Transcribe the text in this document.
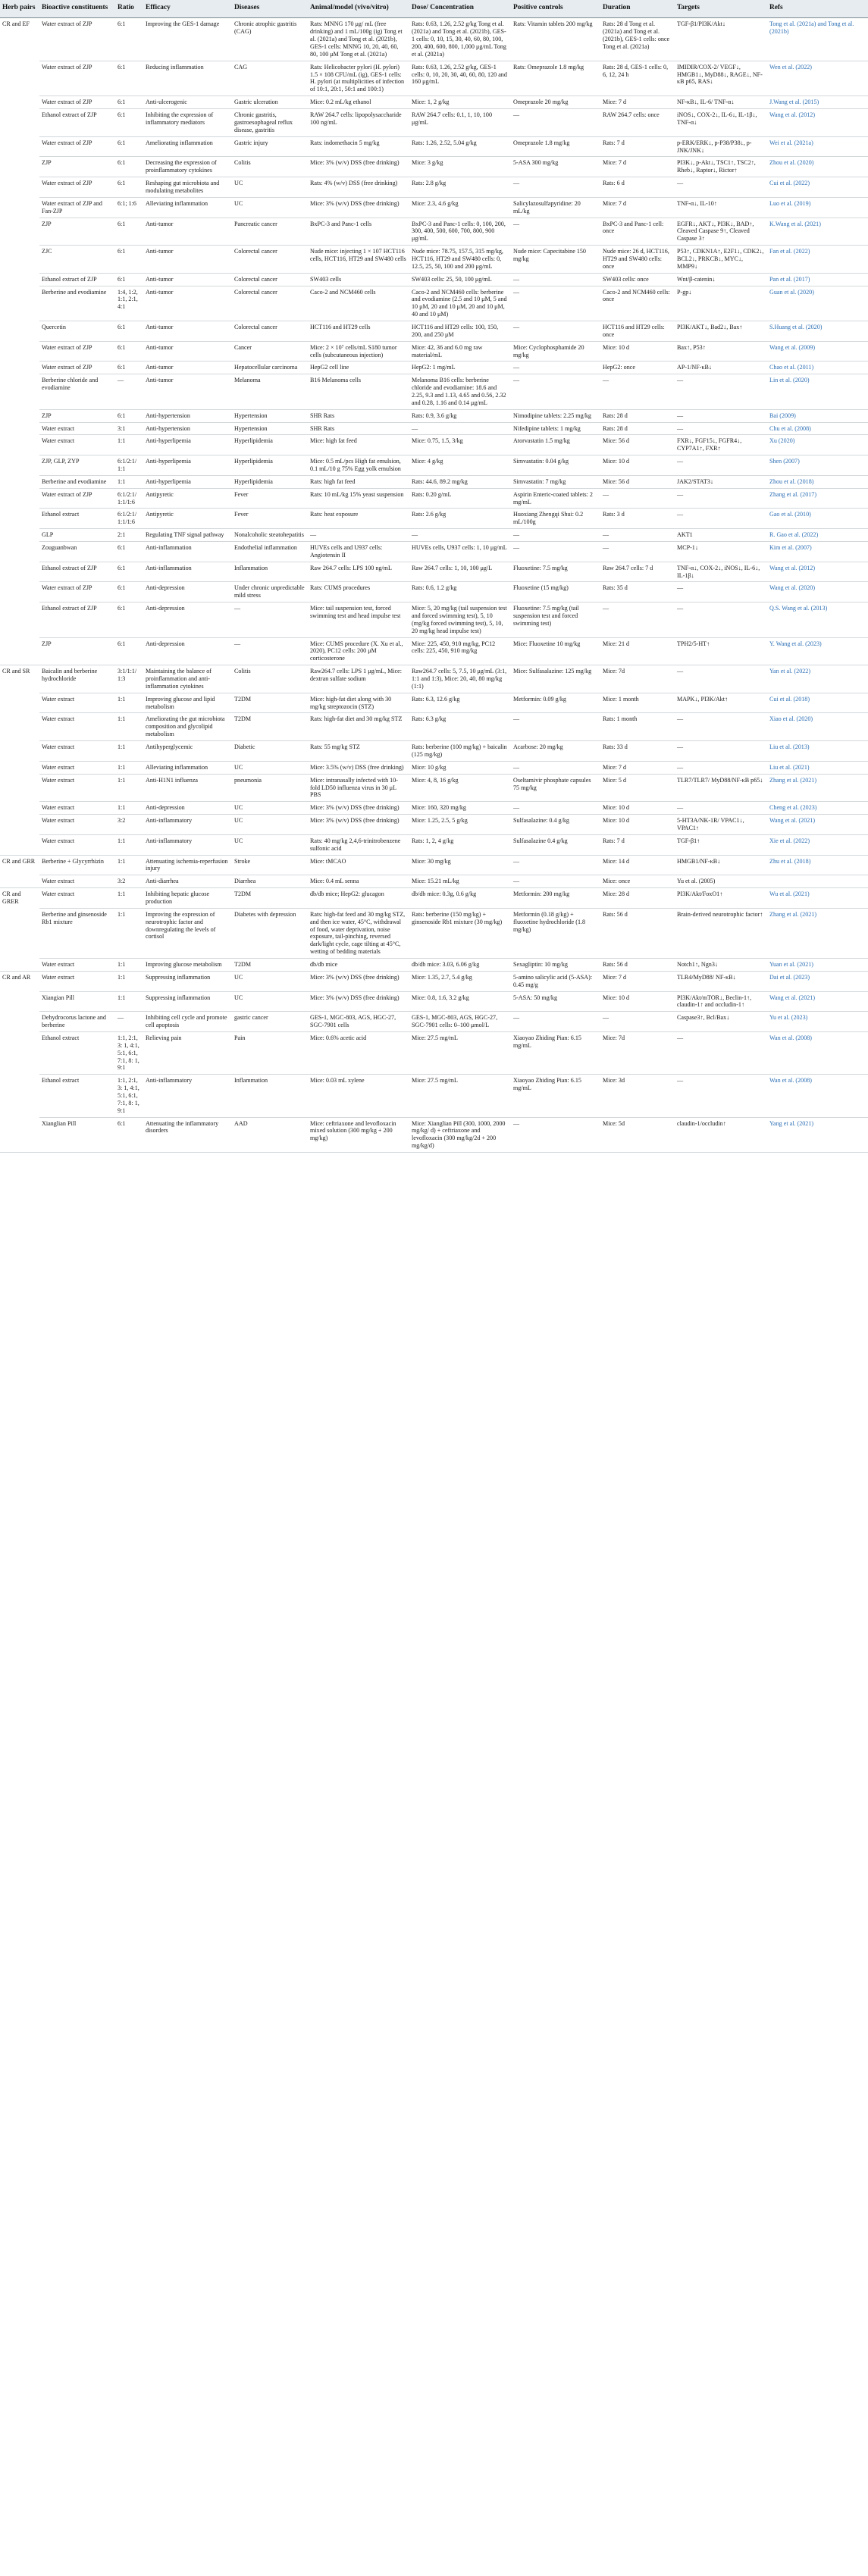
Herb pairs	Bioactive constituents	Ratio	Efficacy	Diseases	Animal/model (vivo/vitro)	Dose/ Concentration	Positive controls	Duration	Targets	Refs
CR and EF	Water extract of ZJP	6:1	Improving the GES-1 damage	Chronic atrophic gastritis (CAG)	Rats: MNNG 170 μg/ mL (free drinking) and 1 mL/100g (ig) Tong et al. (2021a) and Tong et al. (2021b), GES-1 cells: MNNG 10, 20, 40, 60, 80, 100 μM Tong et al. (2021a)	Rats: 0.63, 1.26, 2.52 g/kg Tong et al. (2021a) and Tong et al. (2021b), GES-1 cells: 0, 10, 15, 30, 40, 60, 80, 100, 200, 400, 600, 800, 1,000 μg/mL Tong et al. (2021a)	Rats: Vitamin tablets 200 mg/kg	Rats: 28 d Tong et al. (2021a) and Tong et al. (2021b), GES-1 cells: once Tong et al. (2021a)	TGF-β1/PI3K/Akt↓	Tong et al. (2021a) and Tong et al. (2021b)
	Water extract of ZJP	6:1	Reducing inflammation	CAG	Rats: Helicobacter pylori (H. pylori) 1.5 × 108 CFU/mL (ig), GES-1 cells: H. pylori (at multiplicities of infection of 10:1, 20:1, 50:1 and 100:1)	Rats: 0.63, 1.26, 2.52 g/kg, GES-1 cells: 0, 10, 20, 30, 40, 60, 80, 120 and 160 μg/mL	Rats: Omeprazole 1.8 mg/kg	Rats: 28 d, GES-1 cells: 0, 6, 12, 24 h	IMIDIR/COX-2/ VEGF↓, HMGB1↓, MyD88↓, RAGE↓, NF-κB p65, RAS↓	Wen et al. (2022)
	Water extract of ZJP	6:1	Anti-ulcerogenic	Gastric ulceration	Mice: 0.2 mL/kg ethanol	Mice: 1, 2 g/kg	Omeprazole 20 mg/kg	Mice: 7 d	NF-κB↓, IL-6/ TNF-α↓	J.Wang et al. (2015)
	Ethanol extract of ZJP	6:1	Inhibiting the expression of inflammatory mediators	Chronic gastritis, gastroesophageal reflux disease, gastritis	RAW 264.7 cells: lipopolysaccharide 100 ng/mL	RAW 264.7 cells: 0.1, 1, 10, 100 μg/mL	—	RAW 264.7 cells: once	iNOS↓, COX-2↓, IL-6↓, IL-1β↓, TNF-α↓	Wang et al. (2012)
	Water extract of ZJP	6:1	Ameliorating inflammation	Gastric injury	Rats: indomethacin 5 mg/kg	Rats: 1.26, 2.52, 5.04 g/kg	Omeprazole 1.8 mg/kg	Rats: 7 d	p-ERK/ERK↓, p-P38/P38↓, p-JNK/JNK↓	Wei et al. (2021a)
	ZJP	6:1	Decreasing the expression of proinflammatory cytokines	Colitis	Mice: 3% (w/v) DSS (free drinking)	Mice: 3 g/kg	5-ASA 300 mg/kg	Mice: 7 d	PI3K↓, p-Akt↓, TSC1↑, TSC2↑, Rheb↓, Raptor↓, Rictor↑	Zhou et al. (2020)
	Water extract of ZJP	6:1	Reshaping gut microbiota and modulating metabolites	UC	Rats: 4% (w/v) DSS (free drinking)	Rats: 2.8 g/kg	—	Rats: 6 d	—	Cui et al. (2022)
	Water extract of ZJP and Fan-ZJP	6:1; 1:6	Alleviating inflammation	UC	Mice: 3% (w/v) DSS (free drinking)	Mice: 2.3, 4.6 g/kg	Salicylazosulfapyridine: 20 mL/kg	Mice: 7 d	TNF-α↓, IL-10↑	Luo et al. (2019)
	ZJP	6:1	Anti-tumor	Pancreatic cancer	BxPC-3 and Panc-1 cells	BxPC-3 and Panc-1 cells: 0, 100, 200, 300, 400, 500, 600, 700, 800, 900 μg/mL	—	BxPC-3 and Panc-1 cell: once	EGFR↓, AKT↓, PI3K↓, BAD↑, Cleaved Caspase 9↑, Cleaved Caspase 3↑	K.Wang et al. (2021)
	ZJC	6:1	Anti-tumor	Colorectal cancer	Nude mice: injecting 1 × 107 HCT116 cells, HCT116, HT29 and SW480 cells	Nude mice: 78.75, 157.5, 315 mg/kg, HCT116, HT29 and SW480 cells: 0, 12.5, 25, 50, 100 and 200 μg/mL	Nude mice: Capecitabine 150 mg/kg	Nude mice: 26 d, HCT116, HT29 and SW480 cells: once	P53↑, CDKN1A↑, E2F1↓, CDK2↓, BCL2↓, PRKCB↓, MYC↓, MMP9↓	Fan et al. (2022)
	Ethanol extract of ZJP	6:1	Anti-tumor	Colorectal cancer	SW403 cells	SW403 cells: 25, 50, 100 μg/mL	—	SW403 cells: once	Wnt/β-catenin↓	Pan et al. (2017)
	Berberine and evodiamine	1:4, 1:2, 1:1, 2:1, 4:1	Anti-tumor	Colorectal cancer	Caco-2 and NCM460 cells	Caco-2 and NCM460 cells: berberine and evodiamine (2.5 and 10 μM, 5 and 10 μM, 20 and 10 μM, 20 and 10 μM, 40 and 10 μM)	—	Caco-2 and NCM460 cells: once	P-gp↓	Guan et al. (2020)
	Quercetin	6:1	Anti-tumor	Colorectal cancer	HCT116 and HT29 cells	HCT116 and HT29 cells: 100, 150, 200, and 250 μM	—	HCT116 and HT29 cells: once	PI3K/AKT↓, Bad2↓, Bax↑	S.Huang et al. (2020)
	Water extract of ZJP	6:1	Anti-tumor	Cancer	Mice: 2 × 10⁷ cells/mL S180 tumor cells (subcutaneous injection)	Mice: 42, 36 and 6.0 mg raw material/mL	Mice: Cyclophosphamide 20 mg/kg	Mice: 10 d	Bax↑, P53↑	Wang et al. (2009)
	Water extract of ZJP	6:1	Anti-tumor	Hepatocellular carcinoma	HepG2 cell line	HepG2: 1 mg/mL	—	HepG2: once	AP-1/NF-κB↓	Chao et al. (2011)
	Berberine chloride and evodiamine	—	Anti-tumor	Melanoma	B16 Melanoma cells	Melanoma B16 cells: berberine chloride and evodiamine: 18.6 and 2.25, 9.3 and 1.13, 4.65 and 0.56, 2.32 and 0.28, 1.16 and 0.14 μg/mL	—	—	—	Lin et al. (2020)
	ZJP	6:1	Anti-hypertension	Hypertension	SHR Rats	Rats: 0.9, 3.6 g/kg	Nimodipine tablets: 2.25 mg/kg	Rats: 28 d	—	Bai (2009)
	Water extract	3:1	Anti-hypertension	Hypertension	SHR Rats	—	Nifedipine tablets: 1 mg/kg	Rats: 28 d	—	Chu et al. (2008)
	Water extract	1:1	Anti-hyperlipemia	Hyperlipidemia	Mice: high fat feed	Mice: 0.75, 1.5, 3/kg	Atorvastatin 1.5 mg/kg	Mice: 56 d	FXR↓, FGF15↓, FGFR4↓, CYP7A1↑, FXR↑	Xu (2020)
	ZJP, GLP, ZYP	6:1/2:1/ 1:1	Anti-hyperlipemia	Hyperlipidemia	Mice: 0.5 mL/pcs High fat emulsion, 0.1 mL/10 g 75% Egg yolk emulsion	Mice: 4 g/kg	Simvastatin: 0.04 g/kg	Mice: 10 d	—	Shen (2007)
	Berberine and evodiamine	1:1	Anti-hyperlipemia	Hyperlipidemia	Rats: high fat feed	Rats: 44.6, 89.2 mg/kg	Simvastatin: 7 mg/kg	Mice: 56 d	JAK2/STAT3↓	Zhou et al. (2018)
	Water extract of ZJP	6:1/2:1/ 1:1/1:6	Antipyretic	Fever	Rats: 10 mL/kg 15% yeast suspension	Rats: 0.20 g/mL	Aspirin Enteric-coated tablets: 2 mg/mL	—	—	Zhang et al. (2017)
	Ethanol extract	6:1/2:1/ 1:1/1:6	Antipyretic	Fever	Rats: heat exposure	Rats: 2.6 g/kg	Huoxiang Zhengqi Shui: 0.2 mL/100g	Rats: 3 d	—	Gao et al. (2010)
	GLP	2:1	Regulating TNF signal pathway	Nonalcoholic steatohepatitis	—	—	—	—	AKT1	R. Gao et al. (2022)
	Zouguanbwan	6:1	Anti-inflammation	Endothelial inflammation	HUVEs cells and U937 cells: Angiotensin II	HUVEs cells, U937 cells: 1, 10 μg/mL	—	—	MCP-1↓	Kim et al. (2007)
	Ethanol extract of ZJP	6:1	Anti-inflammation	Inflammation	Raw 264.7 cells: LPS 100 ng/mL	Raw 264.7 cells: 1, 10, 100 μg/L	Fluoxetine: 7.5 mg/kg	Raw 264.7 cells: 7 d	TNF-α↓, COX-2↓, iNOS↓, IL-6↓, IL-1β↓	Wang et al. (2012)
	Water extract of ZJP	6:1	Anti-depression	Under chronic unpredictable mild stress	Rats: CUMS procedures	Rats: 0.6, 1.2 g/kg	Fluoxetine (15 mg/kg)	Rats: 35 d	—	Wang et al. (2020)
	Ethanol extract of ZJP	6:1	Anti-depression	—	Mice: tail suspension test, forced swimming test and head impulse test	Mice: 5, 20 mg/kg (tail suspension test and forced swimming test), 5, 10 (mg/kg forced swimming test), 5, 10, 20 mg/kg head impulse test)	Fluoxetine: 7.5 mg/kg (tail suspension test and forced swimming test)	—	—	Q.S. Wang et al. (2013)
	ZJP	6:1	Anti-depression	—	Mice: CUMS procedure (X. Xu et al., 2020), PC12 cells: 200 μM corticosterone	Mice: 225, 450, 910 mg/kg, PC12 cells: 225, 450, 910 mg/kg	Mice: Fluoxetine 10 mg/kg	Mice: 21 d	TPH2/5-HT↑	Y. Wang et al. (2023)
CR and SR	Baicalin and berberine hydrochloride	3:1/1:1/ 1:3	Maintaining the balance of proinflammation and anti-inflammation cytokines	Colitis	Raw264.7 cells: LPS 1 μg/mL, Mice: dextran sulfate sodium	Raw264.7 cells: 5, 7.5, 10 μg/mL (3:1, 1:1 and 1:3), Mice: 20, 40, 80 mg/kg (1:1)	Mice: Sulfasalazine: 125 mg/kg	Mice: 7d	—	Yan et al. (2022)
	Water extract	1:1	Improving glucose and lipid metabolism	T2DM	Mice: high-fat diet along with 30 mg/kg streptozocin (STZ)	Rats: 6.3, 12.6 g/kg	Metformin: 0.09 g/kg	Mice: 1 month	MAPK↓, PI3K/Akt↑	Cui et al. (2018)
	Water extract	1:1	Ameliorating the gut microbiota composition and glycolipid metabolism	T2DM	Rats: high-fat diet and 30 mg/kg STZ	Rats: 6.3 g/kg	—	Rats: 1 month	—	Xiao et al. (2020)
	Water extract	1:1	Antihyperglycemic	Diabetic	Rats: 55 mg/kg STZ	Rats: berberine (100 mg/kg) + baicalin (125 mg/kg)	Acarbose: 20 mg/kg	Rats: 33 d	—	Liu et al. (2013)
	Water extract	1:1	Alleviating inflammation	UC	Mice: 3.5% (w/v) DSS (free drinking)	Mice: 10 g/kg	—	Mice: 7 d	—	Liu et al. (2021)
	Water extract	1:1	Anti-H1N1 influenza	pneumonia	Mice: intranasally infected with 10-fold LD50 influenza virus in 30 μL PBS	Mice: 4, 8, 16 g/kg	Oseltamivir phosphate capsules 75 mg/kg	Mice: 5 d	TLR7/TLR7/ MyD88/NF-κB p65↓	Zhang et al. (2021)
	Water extract	1:1	Anti-depression	UC	Mice: 3% (w/v) DSS (free drinking)	Mice: 160, 320 mg/kg	—	Mice: 10 d	—	Cheng et al. (2023)
	Water extract	3:2	Anti-inflammatory	UC	Mice: 3% (w/v) DSS (free drinking)	Mice: 1.25, 2.5, 5 g/kg	Sulfasalazine: 0.4 g/kg	Mice: 10 d	5-HT3A/NK-1R/ VPAC1↓, VPAC1↑	Wang et al. (2021)
	Water extract	1:1	Anti-inflammatory	UC	Rats: 40 mg/kg 2,4,6-trinitrobenzene sulfonic acid	Rats: 1, 2, 4 g/kg	Sulfasalazine 0.4 g/kg	Rats: 7 d	TGF-β1↑	Xie et al. (2022)
CR and GRR	Berberine + Glycyrrhizin	1:1	Attenuating ischemia-reperfusion injury	Stroke	Mice: tMCAO	Mice: 30 mg/kg	—	Mice: 14 d	HMGB1/NF-κB↓	Zhu et al. (2018)
	Water extract	3:2	Anti-diarrhea	Diarrhea	Mice: 0.4 mL senna	Mice: 15.21 mL/kg	—	Mice: once	Yu et al. (2005)	
CR and GRER	Water extract	1:1	Inhibiting hepatic glucose production	T2DM	db/db mice; HepG2: glucagon	db/db mice: 0.3g, 0.6 g/kg	Metformin: 200 mg/kg	Mice: 28 d	PI3K/Akt/FoxO1↑	Wu et al. (2021)
	Berberine and ginsenoside Rb1 mixture	1:1	Improving the expression of neurotrophic factor and downregulating the levels of cortisol	Diabetes with depression	Rats: high-fat feed and 30 mg/kg STZ, and then ice water, 45°C, withdrawal of food, water deprivation, noise exposure, tail-pinching, reversed dark/light cycle, cage tilting at 45°C, wetting of bedding materials	Rats: berberine (150 mg/kg) + ginsenoside Rb1 mixture (30 mg/kg)	Metformin (0.18 g/kg) + fluoxetine hydrochloride (1.8 mg/kg)	Rats: 56 d	Brain-derived neurotrophic factor↑	Zhang et al. (2021)
	Water extract	1:1	Improving glucose metabolism	T2DM	db/db mice	db/db mice: 3.03, 6.06 g/kg	Sexagliptin: 10 mg/kg	Rats: 56 d	Notch1↑, Ngn3↓	Yuan et al. (2021)
CR and AR	Water extract	1:1	Suppressing inflammation	UC	Mice: 3% (w/v) DSS (free drinking)	Mice: 1.35, 2.7, 5.4 g/kg	5-amino salicylic acid (5-ASA): 0.45 mg/g	Mice: 7 d	TLR4/MyD88/ NF-κB↓	Dai et al. (2023)
	Xiangian Pill	1:1	Suppressing inflammation	UC	Mice: 3% (w/v) DSS (free drinking)	Mice: 0.8, 1.6, 3.2 g/kg	5-ASA: 50 mg/kg	Mice: 10 d	PI3K/Akt/mTOR↓, Beclin-1↑, claudin-1↑ and occludin-1↑	Wang et al. (2021)
	Dehydrocorus lactone and berberine	—	Inhibiting cell cycle and promote cell apoptosis	gastric cancer	GES-1, MGC-803, AGS, HGC-27, SGC-7901 cells	GES-1, MGC-803, AGS, HGC-27, SGC-7901 cells: 0–100 μmol/L	—	—	Caspase3↑, Bcl/Bax↓	Yu et al. (2023)
	Ethanol extract	1:1, 2:1, 3: 1, 4:1, 5:1, 6:1, 7:1, 8: 1, 9:1	Relieving pain	Pain	Mice: 0.6% acetic acid	Mice: 27.5 mg/mL	Xiaoyao Zhiding Pian: 6.15 mg/mL	Mice: 7d	—	Wan et al. (2008)
	Ethanol extract	1:1, 2:1, 3: 1, 4:1, 5:1, 6:1, 7:1, 8: 1, 9:1	Anti-inflammatory	Inflammation	Mice: 0.03 mL xylene	Mice: 27.5 mg/mL	Xiaoyao Zhiding Pian: 6.15 mg/mL	Mice: 3d	—	Wan et al. (2008)
	Xianglian Pill	6:1	Attenuating the inflammatory disorders	AAD	Mice: ceftriaxone and levofloxacin mixed solution (300 mg/kg + 200 mg/kg)	Mice: Xianglian Pill (300, 1000, 2000 mg/kg/ d) + ceftriaxone and levofloxacin (300 mg/kg/2d + 200 mg/kg/d)	—	Mice: 5d	claudin-1/occludin↑	Yang et al. (2021)
